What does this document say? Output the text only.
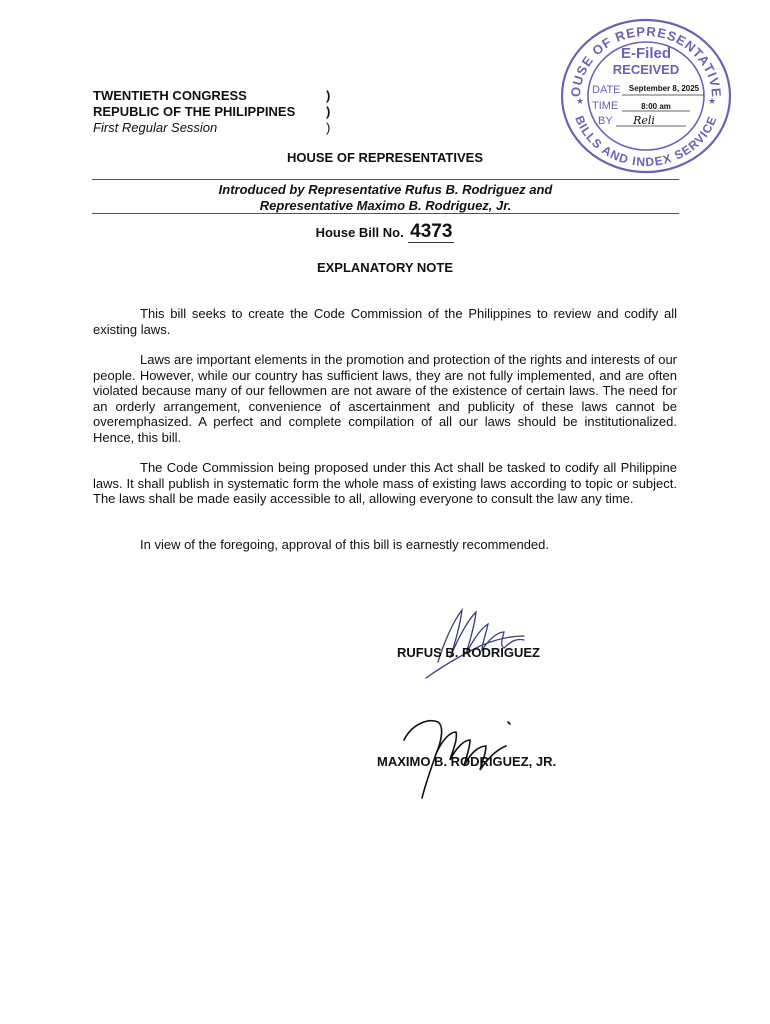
OUSE OF REPRESENTATIVE
BILLS AND INDEX SERVICE
E-Filed
RECEIVED
DATE September 8, 2025
TIME	8:00 am
BY Reli
★	★
TWENTIETH CONGRESS	)
REPUBLIC OF THE PHILIPPINES )
First Regular Session	)
HOUSE OF REPRESENTATIVES
Introduced by Representative Rufus B. Rodriguez and
Representative Maximo B. Rodriguez, Jr.
House Bill No. 4373
EXPLANATORY NOTE
This bill seeks to create the Code Commission of the Philippines to review and codify all existing laws.
Laws are important elements in the promotion and protection of the rights and interests of our people. However, while our country has sufficient laws, they are not fully implemented, and are often violated because many of our fellowmen are not aware of the existence of certain laws. The need for an orderly arrangement, convenience of ascertainment and publicity of these laws cannot be overemphasized. A perfect and complete compilation of all our laws should be institutionalized. Hence, this bill.
The Code Commission being proposed under this Act shall be tasked to codify all Philippine laws. It shall publish in systematic form the whole mass of existing laws according to topic or subject. The laws shall be made easily accessible to all, allowing everyone to consult the law any time.
In view of the foregoing, approval of this bill is earnestly recommended.
RUFUS B. RODRIGUEZ
MAXIMO B. RODRIGUEZ, JR.
